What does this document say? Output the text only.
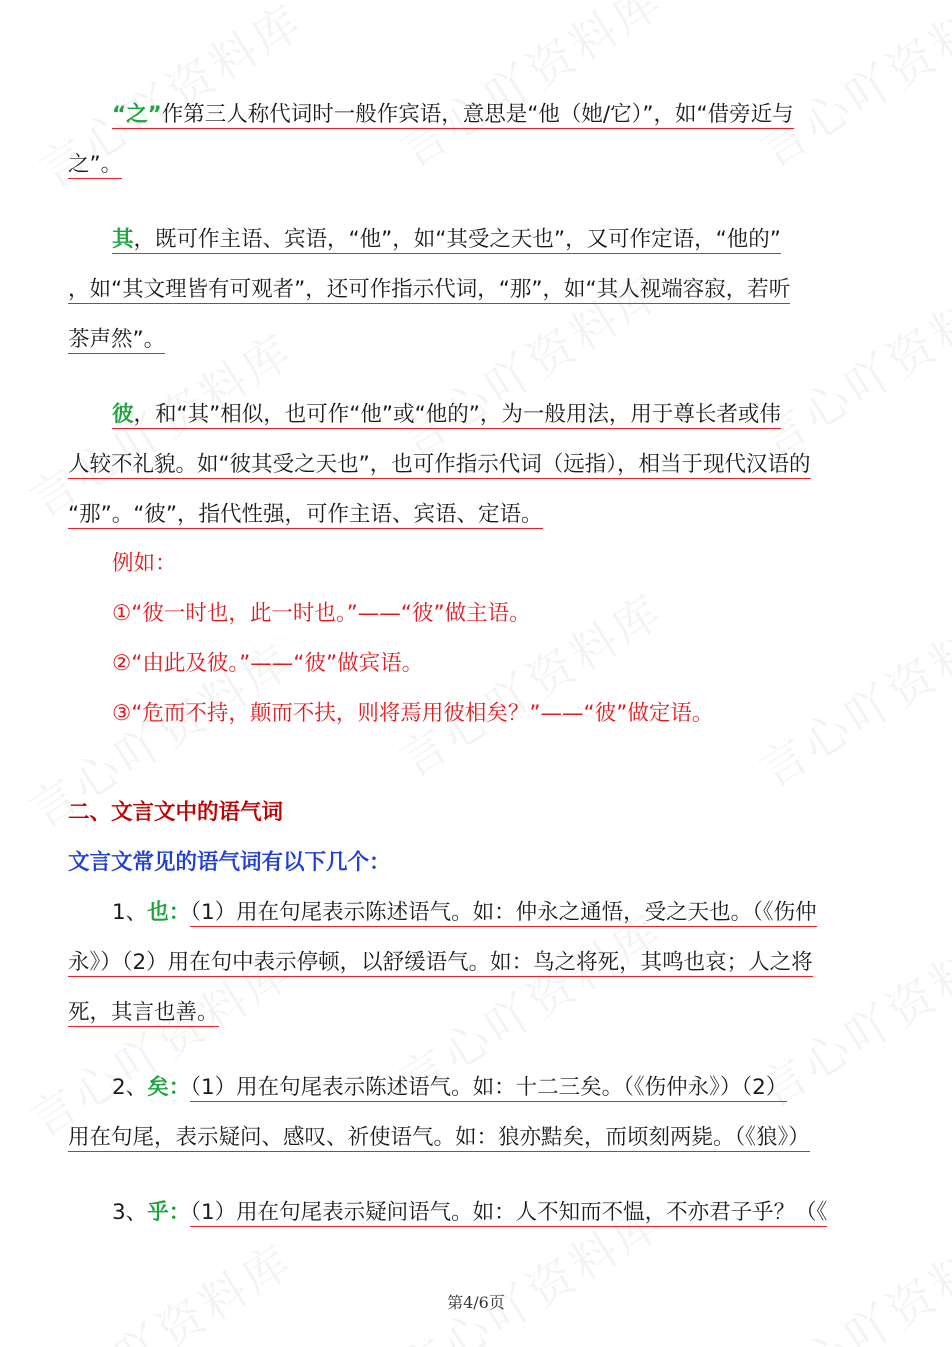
“之”作第三人称代词时一般作宾语，意思是“他（她/它）”，如“借旁近与
之”。
其，既可作主语、宾语，“他”，如“其受之天也”，又可作定语，“他的”
，如“其文理皆有可观者”，还可作指示代词，“那”，如“其人视端容寂，若听
茶声然”。
彼，和“其”相似，也可作“他”或“他的”，为一般用法，用于尊长者或伟
人较不礼貌。如“彼其受之天也”，也可作指示代词（远指），相当于现代汉语的
“那”。“彼”，指代性强，可作主语、宾语、定语。
例如：
①“彼一时也，此一时也。”——“彼”做主语。
②“由此及彼。”——“彼”做宾语。
③“危而不持，颠而不扶，则将焉用彼相矣？”——“彼”做定语。
二、文言文中的语气词
文言文常见的语气词有以下几个：
1、也：（1）用在句尾表示陈述语气。如：仲永之通悟，受之天也。（《伤仲
永》）（2）用在句中表示停顿，以舒缓语气。如：鸟之将死，其鸣也哀；人之将
死，其言也善。
2、矣：（1）用在句尾表示陈述语气。如：十二三矣。（《伤仲永》）（2）
用在句尾，表示疑问、感叹、祈使语气。如：狼亦黠矣，而顷刻两毙。（《狼》）
3、乎：（1）用在句尾表示疑问语气。如：人不知而不愠，不亦君子乎？（《
第4/6页
